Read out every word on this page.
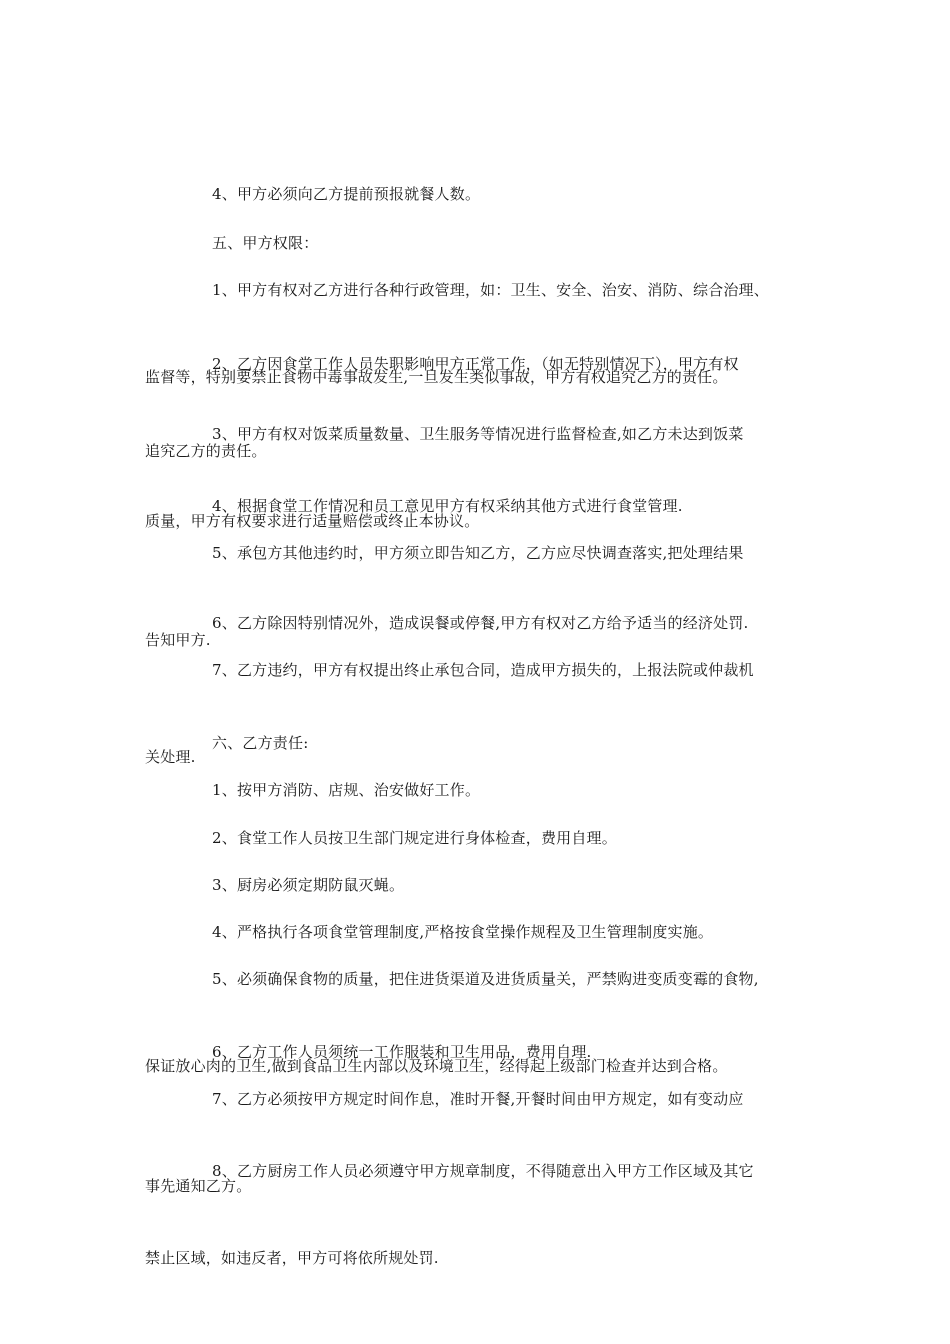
4、甲方必须向乙方提前预报就餐人数。

五、甲方权限：

1、甲方有权对乙方进行各种行政管理，如：卫生、安全、治安、消防、综合治理、

监督等，特别要禁止食物中毒事故发生,一旦发生类似事故，甲方有权追究乙方的责任。

2、乙方因食堂工作人员失职影响甲方正常工作，（如无特别情况下），甲方有权

追究乙方的责任。

3、甲方有权对饭菜质量数量、卫生服务等情况进行监督检查,如乙方未达到饭菜

质量，甲方有权要求进行适量赔偿或终止本协议。

4、根据食堂工作情况和员工意见甲方有权采纳其他方式进行食堂管理.

5、承包方其他违约时，甲方须立即告知乙方，乙方应尽快调查落实,把处理结果

告知甲方.

6、乙方除因特别情况外，造成误餐或停餐,甲方有权对乙方给予适当的经济处罚.

7、乙方违约，甲方有权提出终止承包合同，造成甲方损失的，上报法院或仲裁机

关处理.

六、乙方责任:

1、按甲方消防、店规、治安做好工作。

2、食堂工作人员按卫生部门规定进行身体检查，费用自理。

3、厨房必须定期防鼠灭蝇。

4、严格执行各项食堂管理制度,严格按食堂操作规程及卫生管理制度实施。

5、必须确保食物的质量，把住进货渠道及进货质量关，严禁购进变质变霉的食物,

保证放心肉的卫生,做到食品卫生内部以及环境卫生，经得起上级部门检查并达到合格。

6、乙方工作人员须统一工作服装和卫生用品，费用自理.

7、乙方必须按甲方规定时间作息，准时开餐,开餐时间由甲方规定，如有变动应

事先通知乙方。

8、乙方厨房工作人员必须遵守甲方规章制度，不得随意出入甲方工作区域及其它

禁止区域，如违反者，甲方可将依所规处罚.
